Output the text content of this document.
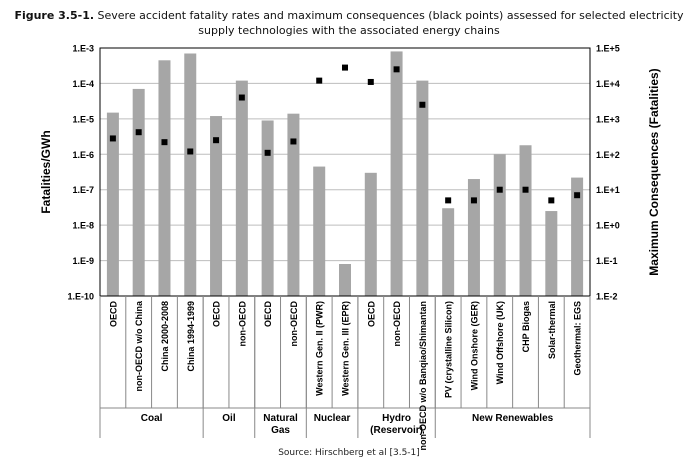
Figure 3.5-1. Severe accident fatality rates and maximum consequences (black points) assessed for selected electricity
supply technologies with the associated energy chains
1.E-3
1.E-4
1.E-5
1.E-6
1.E-7
1.E-8
1.E-9
1.E-10
1.E+5
1.E+4
1.E+3
1.E+2
1.E+1
1.E+0
1.E-1
1.E-2
Fatalities/GWh	Maximum Consequences (Fatalities)
OECD non-OECD w/o China China 2000-2008 China 1994-1999 OECD non-OECD OECD non-OECD Western Gen. II (PWR) Western Gen. III (EPR) OECD non-OECD non-OECD w/o Banqiao/Shimantan PV (crystalline Silicon) Wind Onshore (GER) Wind Offshore (UK) CHP Biogas Solar-thermal Geothermal: EGS
Coal	Oil	Natural
Gas
Nuclear	Hydro
(Reservoir)
New Renewables
Source: Hirschberg et al [3.5-1]
